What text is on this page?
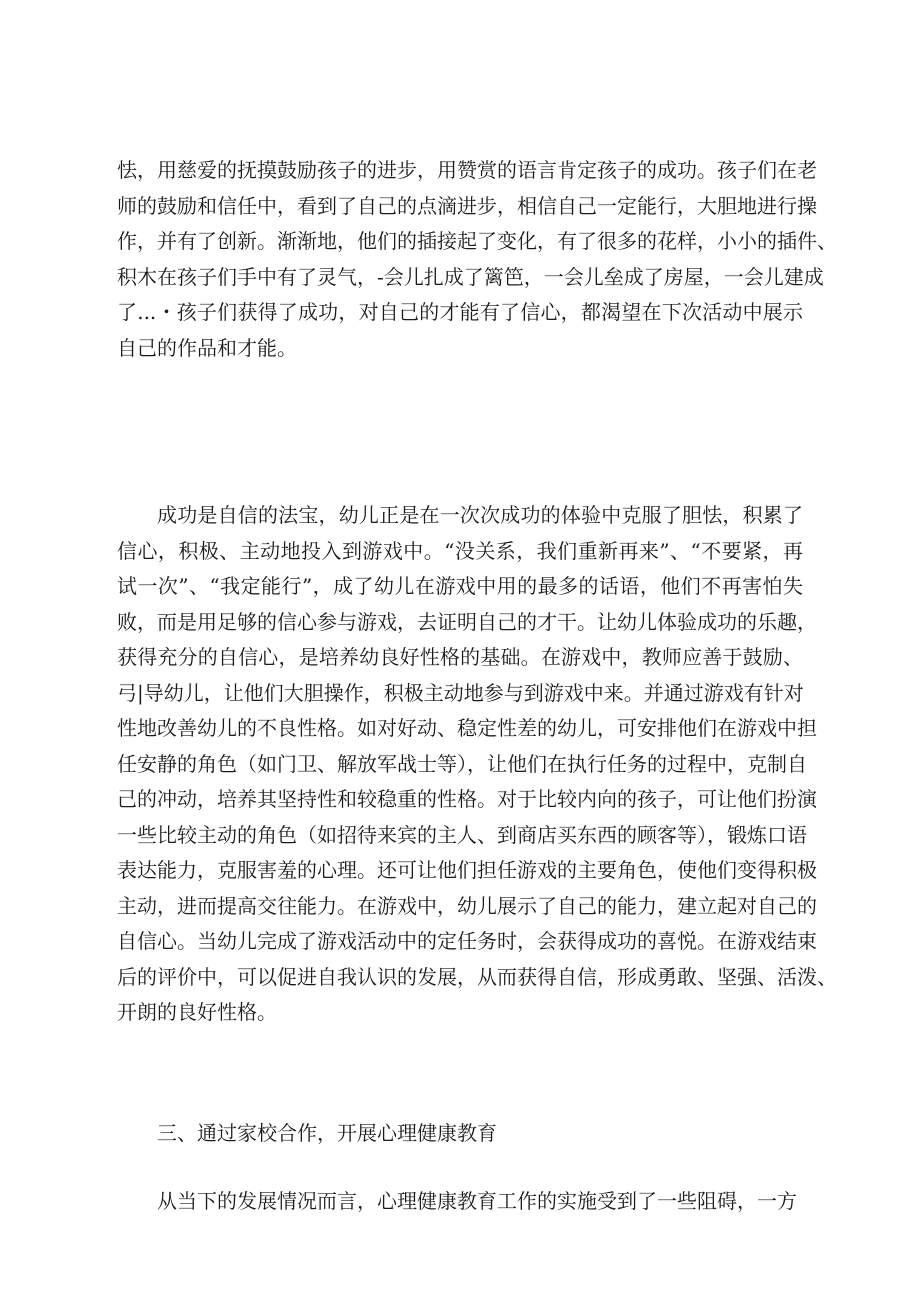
怯，用慈爱的抚摸鼓励孩子的进步，用赞赏的语言肯定孩子的成功。孩子们在老
师的鼓励和信任中，看到了自己的点滴进步，相信自己一定能行，大胆地进行操
作，并有了创新。渐渐地，他们的插接起了变化，有了很多的花样，小小的插件、
积木在孩子们手中有了灵气，-会儿扎成了篱笆，一会儿垒成了房屋，一会儿建成
了...・孩子们获得了成功，对自己的才能有了信心，都渴望在下次活动中展示
自己的作品和才能。
成功是自信的法宝，幼儿正是在一次次成功的体验中克服了胆怯，积累了
信心，积极、主动地投入到游戏中。“没关系，我们重新再来”、“不要紧，再
试一次”、“我定能行”，成了幼儿在游戏中用的最多的话语，他们不再害怕失
败，而是用足够的信心参与游戏，去证明自己的才干。让幼儿体验成功的乐趣，
获得充分的自信心，是培养幼良好性格的基础。在游戏中，教师应善于鼓励、
弓|导幼儿，让他们大胆操作，积极主动地参与到游戏中来。并通过游戏有针对
性地改善幼儿的不良性格。如对好动、稳定性差的幼儿，可安排他们在游戏中担
任安静的角色（如门卫、解放军战士等），让他们在执行任务的过程中，克制自
己的冲动，培养其坚持性和较稳重的性格。对于比较内向的孩子，可让他们扮演
一些比较主动的角色（如招待来宾的主人、到商店买东西的顾客等），锻炼口语
表达能力，克服害羞的心理。还可让他们担任游戏的主要角色，使他们变得积极
主动，进而提高交往能力。在游戏中，幼儿展示了自己的能力，建立起对自己的
自信心。当幼儿完成了游戏活动中的定任务时，会获得成功的喜悦。在游戏结束
后的评价中，可以促进自我认识的发展，从而获得自信，形成勇敢、坚强、活泼、
开朗的良好性格。
三、通过家校合作，开展心理健康教育
从当下的发展情况而言，心理健康教育工作的实施受到了一些阻碍，一方
